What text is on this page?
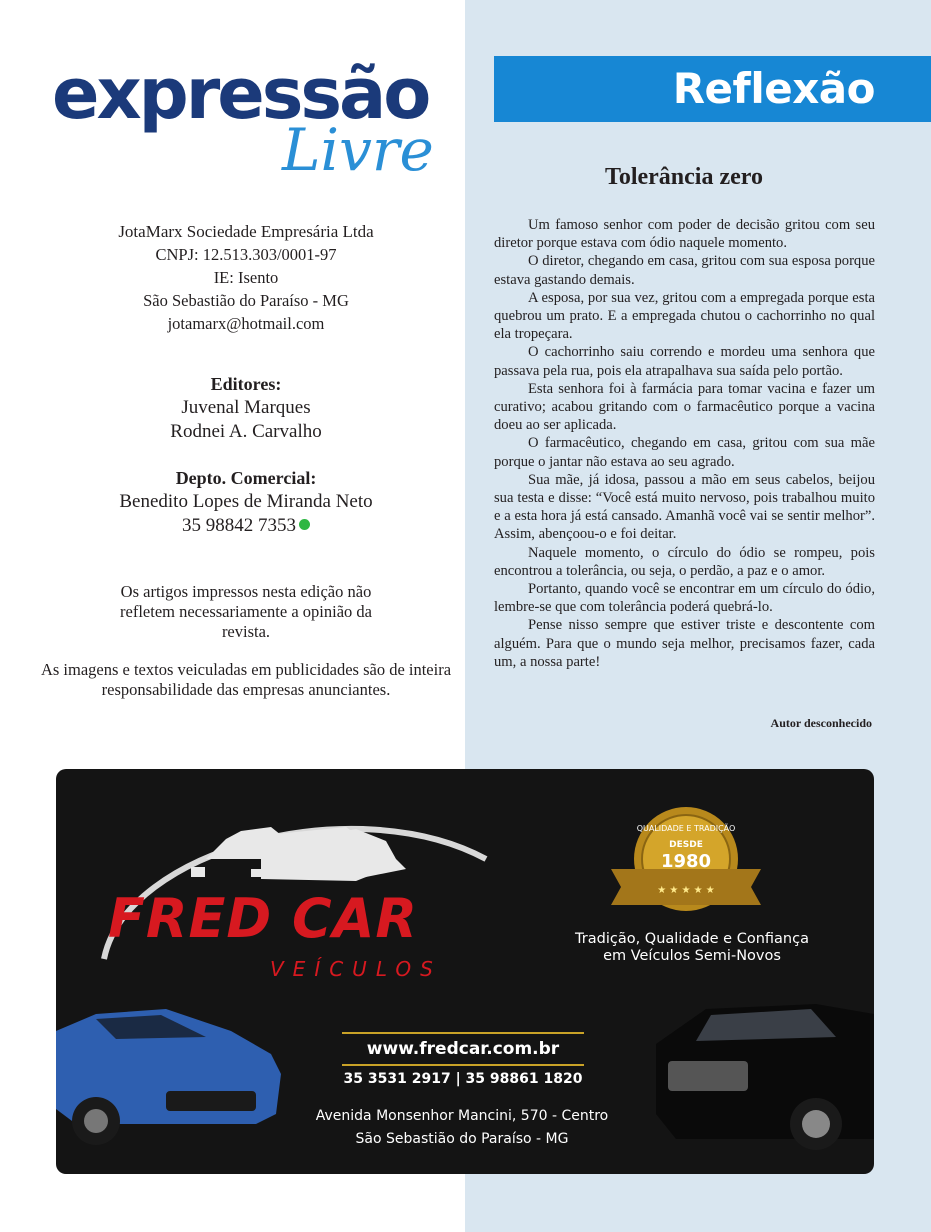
expressão
Livre
JotaMarx Sociedade Empresária Ltda
CNPJ: 12.513.303/0001-97
IE: Isento
São Sebastião do Paraíso - MG
jotamarx@hotmail.com
Editores:
Juvenal Marques
Rodnei A. Carvalho
Depto. Comercial:
Benedito Lopes de Miranda Neto
35 98842 7353

Os artigos impressos nesta edição não refletem necessariamente a opinião da revista.

As imagens e textos veiculadas em publicidades são de inteira responsabilidade das empresas anunciantes.

Reflexão
Tolerância zero

Um famoso senhor com poder de decisão gritou com seu diretor porque estava com ódio naquele momento.

O diretor, chegando em casa, gritou com sua esposa porque estava gastando demais.

A esposa, por sua vez, gritou com a empregada porque esta quebrou um prato. E a empregada chutou o cachorrinho no qual ela tropeçara.

O cachorrinho saiu correndo e mordeu uma senhora que passava pela rua, pois ela atrapalhava sua saída pelo portão.

Esta senhora foi à farmácia para tomar vacina e fazer um curativo; acabou gritando com o farmacêutico porque a vacina doeu ao ser aplicada.

O farmacêutico, chegando em casa, gritou com sua mãe porque o jantar não estava ao seu agrado.

Sua mãe, já idosa, passou a mão em seus cabelos, beijou sua testa e disse: “Você está muito nervoso, pois trabalhou muito e a esta hora já está cansado. Amanhã você vai se sentir melhor”. Assim, abençoou-o e foi deitar.

Naquele momento, o círculo do ódio se rompeu, pois encontrou a tolerância, ou seja, o perdão, a paz e o amor.

Portanto, quando você se encontrar em um círculo do ódio, lembre-se que com tolerância poderá quebrá-lo.

Pense nisso sempre que estiver triste e descontente com alguém. Para que o mundo seja melhor, precisamos fazer, cada um, a nossa parte!

Autor desconhecido
QUALIDADE E TRADIÇÃO
DESDE
1980
★ ★ ★ ★ ★
FRED CAR
VEÍCULOS
Tradição, Qualidade e Confiança
em Veículos Semi-Novos
www.fredcar.com.br
35 3531 2917 | 35 98861 1820
Avenida Monsenhor Mancini, 570 - Centro
São Sebastião do Paraíso - MG
